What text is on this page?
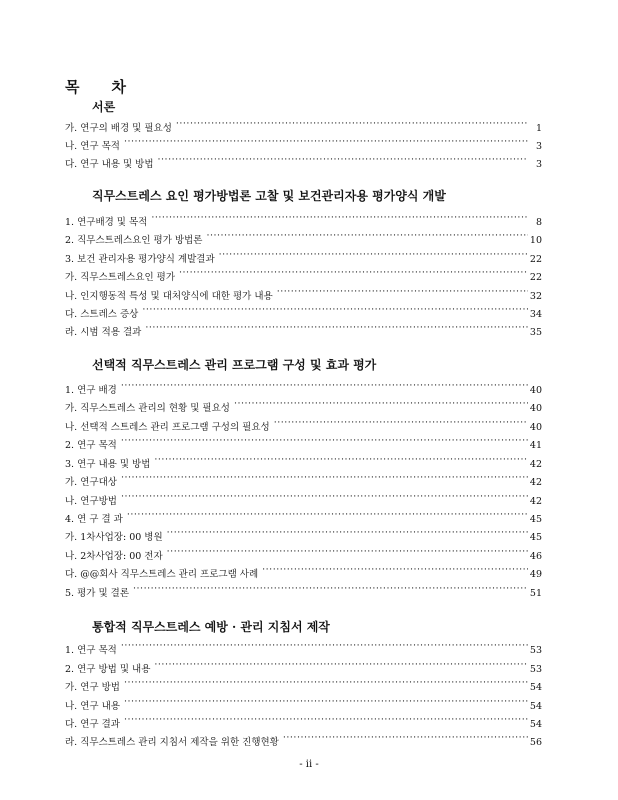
목 차
서론
가. 연구의 배경 및 필요성 ·····	1
나. 연구 목적 ·····	3
다. 연구 내용 및 방법 ·····	3
직무스트레스 요인 평가방법론 고찰 및 보건관리자용 평가양식 개발
1. 연구배경 및 목적 ·····	8
2. 직무스트레스요인 평가 방법론 ·····	10
3. 보건 관리자용 평가양식 계발결과 ·····	22
가. 직무스트레스요인 평가 ·····	22
나. 인지행동적 특성 및 대처양식에 대한 평가 내용 ·····	32
다. 스트레스 증상 ·····	34
라. 시범 적용 결과 ·····	35
선택적 직무스트레스 관리 프로그램 구성 및 효과 평가
1. 연구 배경 ·····	40
가. 직무스트레스 관리의 현황 및 필요성 ·····	40
나. 선택적 스트레스 관리 프로그램 구성의 필요성 ·····	40
2. 연구 목적 ·····	41
3. 연구 내용 및 방법 ·····	42
가. 연구대상 ·····	42
나. 연구방법 ·····	42
4. 연 구 결 과 ·····	45
가. 1차사업장: 00 병원 ·····	45
나. 2차사업장: 00 전자 ·····	46
다. @@회사 직무스트레스 관리 프로그램 사례 ·····	49
5. 평가 및 결론 ·····	51
통합적 직무스트레스 예방 · 관리 지침서 제작
1. 연구 목적 ·····	53
2. 연구 방법 및 내용 ·····	53
가. 연구 방법 ·····	54
나. 연구 내용 ·····	54
다. 연구 결과 ·····	54
라. 직무스트레스 관리 지침서 제작을 위한 진행현황 ·····	56
- ii -
